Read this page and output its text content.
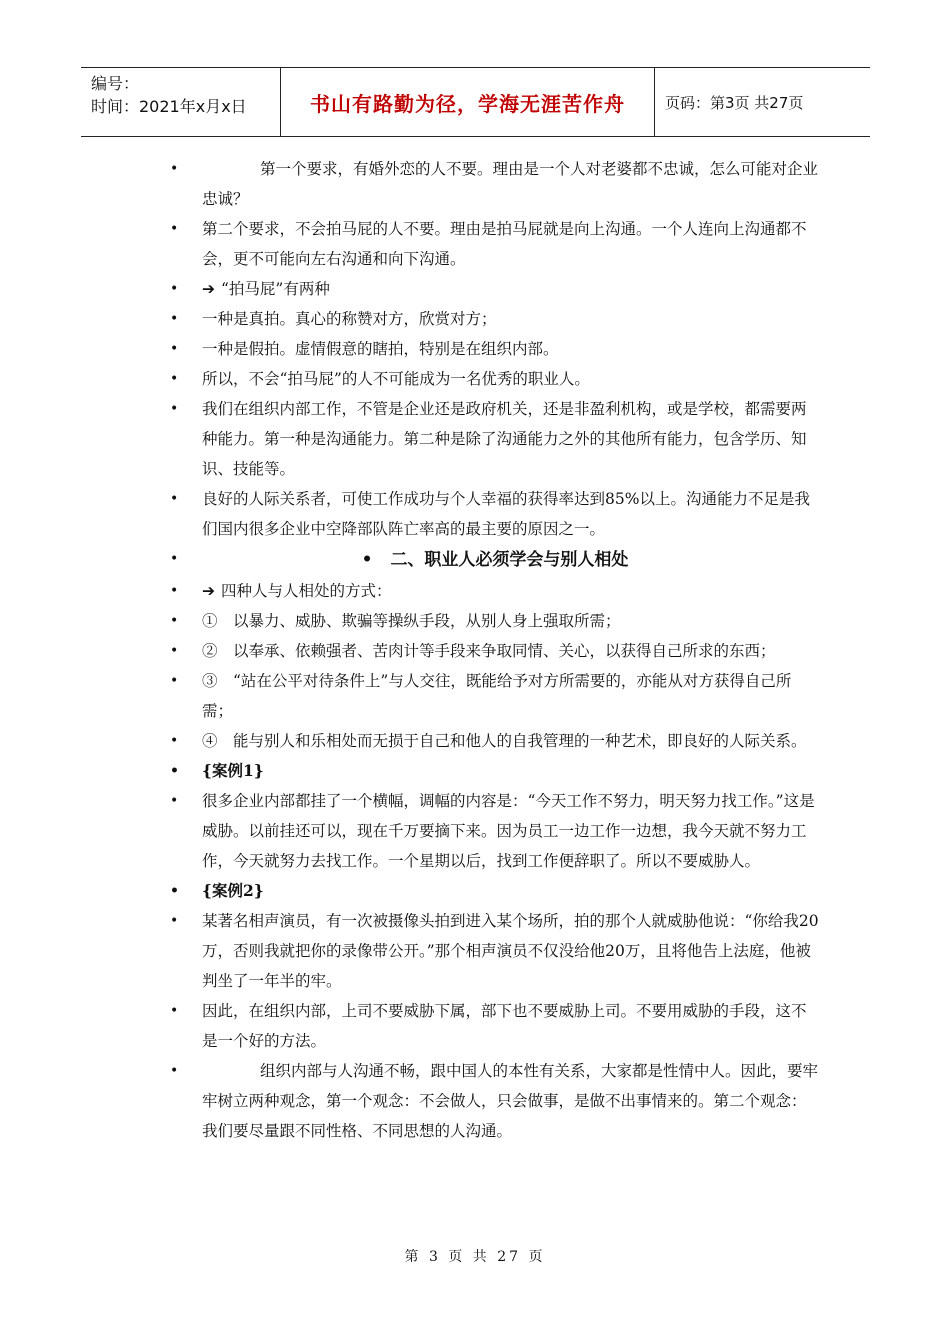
编号：
时间：2021年x月x日	书山有路勤为径，学海无涯苦作舟	页码：第3页 共27页
•	第一个要求，有婚外恋的人不要。理由是一个人对老婆都不忠诚，怎么可能对企业忠诚？
• 第二个要求，不会拍马屁的人不要。理由是拍马屁就是向上沟通。一个人连向上沟通都不会，更不可能向左右沟通和向下沟通。
• ➔ “拍马屁”有两种
• 一种是真拍。真心的称赞对方，欣赏对方；
• 一种是假拍。虚情假意的瞎拍，特别是在组织内部。
• 所以，不会“拍马屁”的人不可能成为一名优秀的职业人。
• 我们在组织内部工作，不管是企业还是政府机关，还是非盈利机构，或是学校，都需要两种能力。第一种是沟通能力。第二种是除了沟通能力之外的其他所有能力，包含学历、知识、技能等。
• 良好的人际关系者，可使工作成功与个人幸福的获得率达到85%以上。沟通能力不足是我们国内很多企业中空降部队阵亡率高的最主要的原因之一。
•	• 二、职业人必须学会与别人相处
• ➔ 四种人与人相处的方式：
• ①　以暴力、威胁、欺骗等操纵手段，从别人身上强取所需；
• ②　以奉承、依赖强者、苦肉计等手段来争取同情、关心，以获得自己所求的东西；
• ③　“站在公平对待条件上”与人交往，既能给予对方所需要的，亦能从对方获得自己所需；
• ④　能与别人和乐相处而无损于自己和他人的自我管理的一种艺术，即良好的人际关系。
• {案例1}
• 很多企业内部都挂了一个横幅，调幅的内容是：“今天工作不努力，明天努力找工作。”这是威胁。以前挂还可以，现在千万要摘下来。因为员工一边工作一边想，我今天就不努力工作，今天就努力去找工作。一个星期以后，找到工作便辞职了。所以不要威胁人。
• {案例2}
• 某著名相声演员，有一次被摄像头拍到进入某个场所，拍的那个人就威胁他说：“你给我20万，否则我就把你的录像带公开。”那个相声演员不仅没给他20万，且将他告上法庭，他被判坐了一年半的牢。
• 因此，在组织内部，上司不要威胁下属，部下也不要威胁上司。不要用威胁的手段，这不是一个好的方法。
•	组织内部与人沟通不畅，跟中国人的本性有关系，大家都是性情中人。因此，要牢牢树立两种观念，第一个观念：不会做人，只会做事，是做不出事情来的。第二个观念：我们要尽量跟不同性格、不同思想的人沟通。
第 3 页 共 27 页
